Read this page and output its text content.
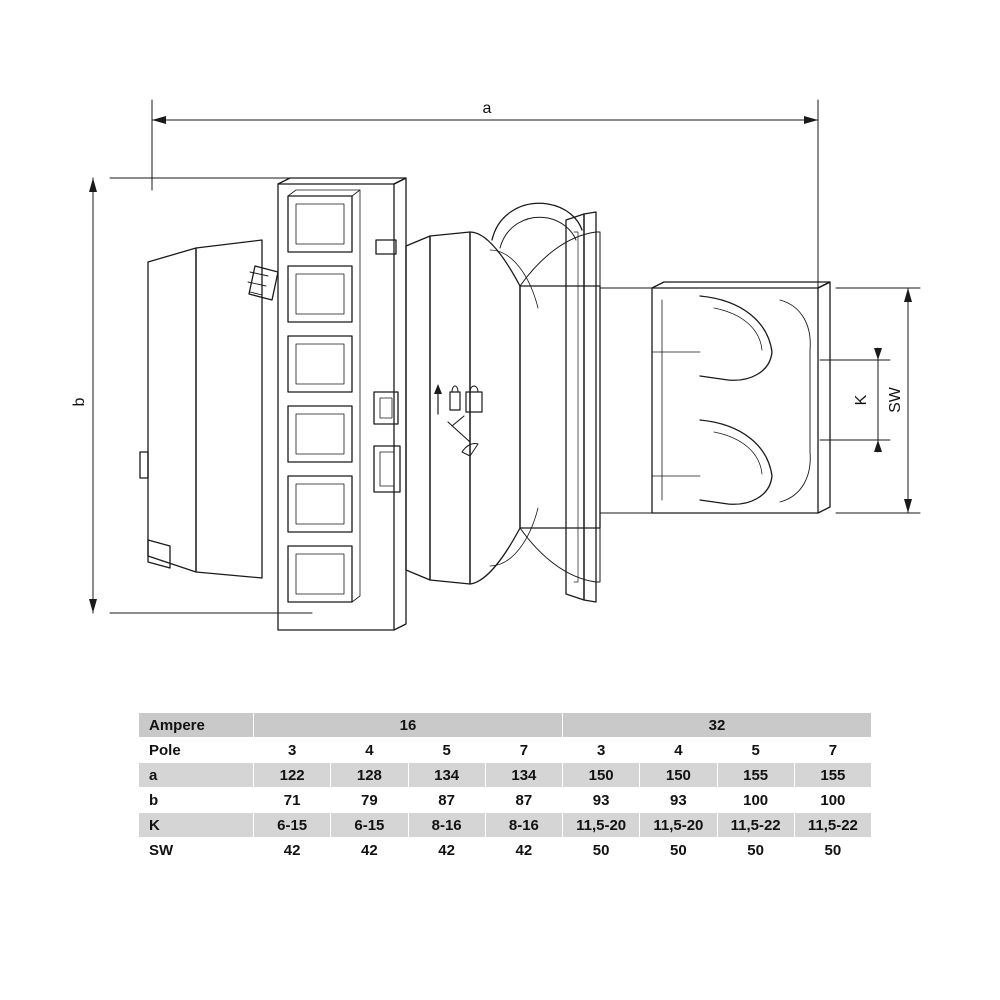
a
b	K SW
Ampere	16				32			
Pole	3	4	5	7	3	4	5	7
a	122	128	134	134	150	150	155	155
b	71	79	87	87	93	93	100	100
K	6-15	6-15	8-16	8-16	11,5-20	11,5-20	11,5-22	11,5-22
SW	42	42	42	42	50	50	50	50
